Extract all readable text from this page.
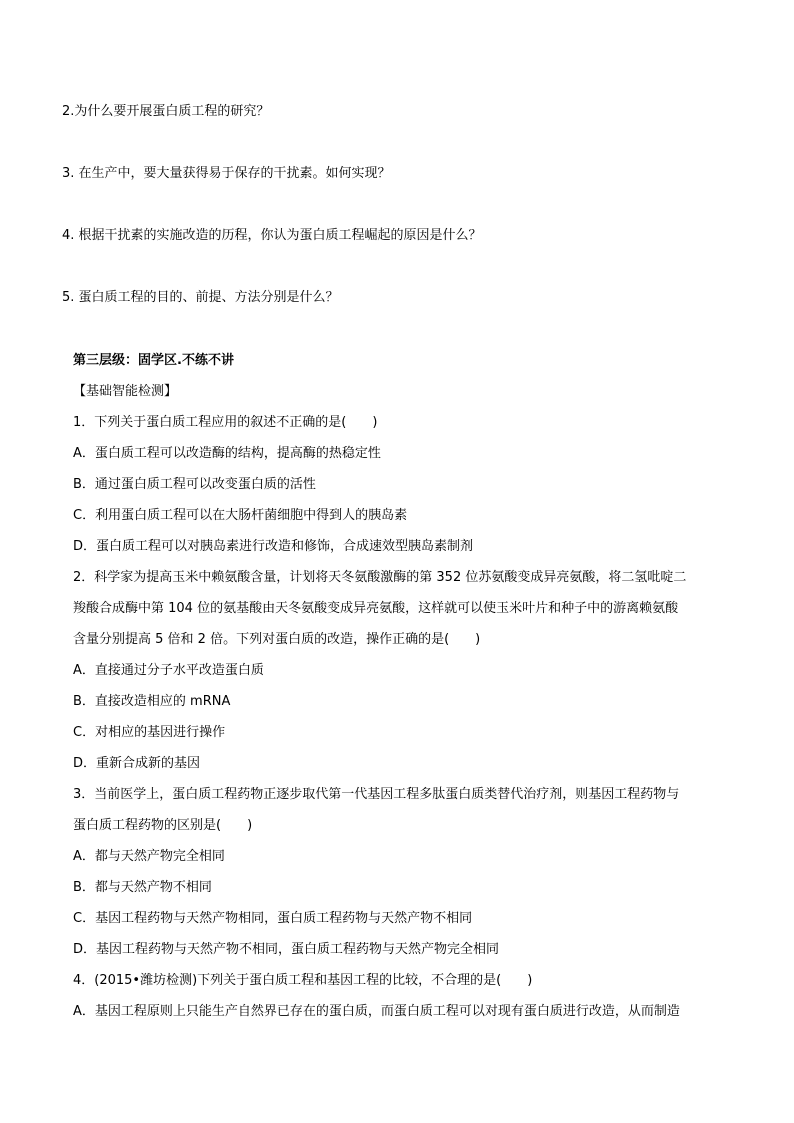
2.为什么要开展蛋白质工程的研究？
3. 在生产中，要大量获得易于保存的干扰素。如何实现？
4. 根据干扰素的实施改造的历程，你认为蛋白质工程崛起的原因是什么？
5. 蛋白质工程的目的、前提、方法分别是什么？
第三层级：固学区.不练不讲
【基础智能检测】
1．下列关于蛋白质工程应用的叙述不正确的是(　　)
A．蛋白质工程可以改造酶的结构，提高酶的热稳定性
B．通过蛋白质工程可以改变蛋白质的活性
C．利用蛋白质工程可以在大肠杆菌细胞中得到人的胰岛素
D．蛋白质工程可以对胰岛素进行改造和修饰，合成速效型胰岛素制剂
2．科学家为提高玉米中赖氨酸含量，计划将天冬氨酸激酶的第 352 位苏氨酸变成异亮氨酸，将二氢吡啶二
羧酸合成酶中第 104 位的氨基酸由天冬氨酸变成异亮氨酸，这样就可以使玉米叶片和种子中的游离赖氨酸
含量分别提高 5 倍和 2 倍。下列对蛋白质的改造，操作正确的是(　　)
A．直接通过分子水平改造蛋白质
B．直接改造相应的 mRNA
C．对相应的基因进行操作
D．重新合成新的基因
3．当前医学上，蛋白质工程药物正逐步取代第一代基因工程多肽蛋白质类替代治疗剂，则基因工程药物与
蛋白质工程药物的区别是(　　)
A．都与天然产物完全相同
B．都与天然产物不相同
C．基因工程药物与天然产物相同，蛋白质工程药物与天然产物不相同
D．基因工程药物与天然产物不相同，蛋白质工程药物与天然产物完全相同
4．(2015•潍坊检测)下列关于蛋白质工程和基因工程的比较，不合理的是(　　)
A．基因工程原则上只能生产自然界已存在的蛋白质，而蛋白质工程可以对现有蛋白质进行改造，从而制造
